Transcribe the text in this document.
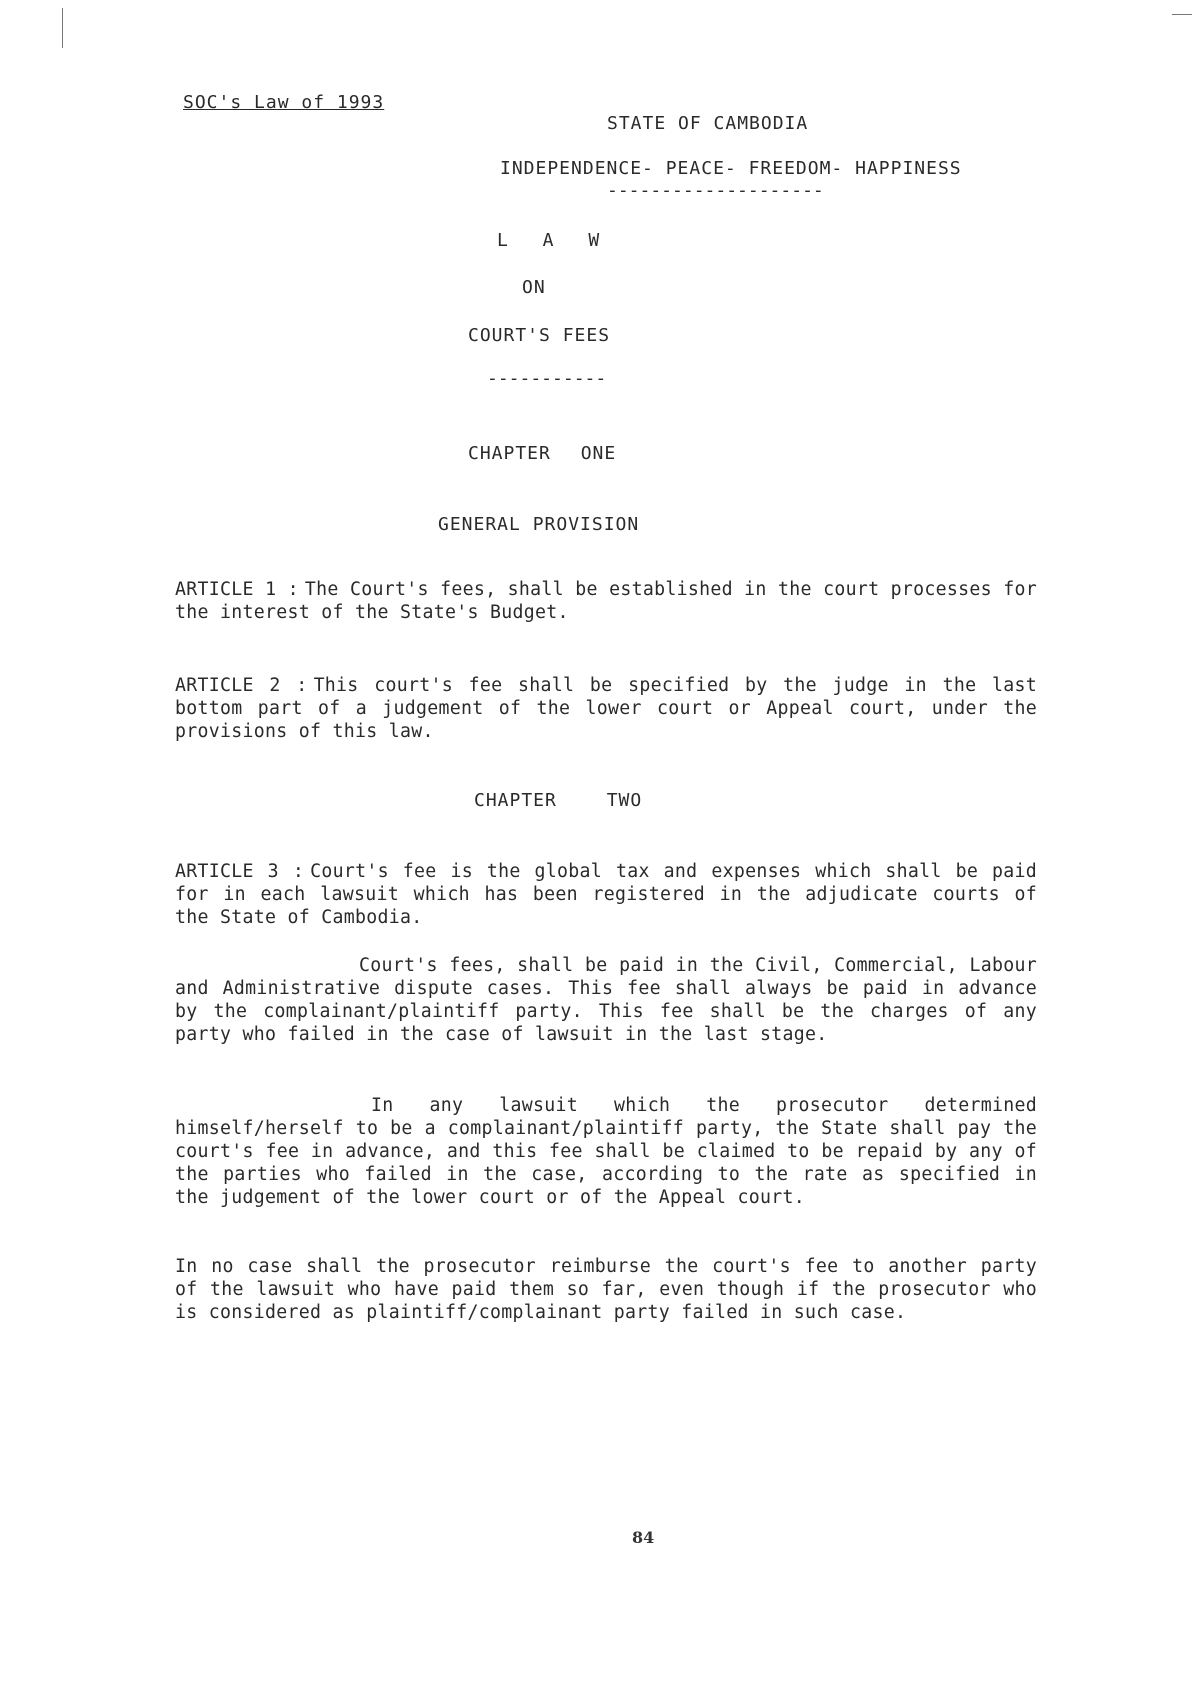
SOC's Law of 1993
STATE OF CAMBODIA
INDEPENDENCE- PEACE- FREEDOM- HAPPINESS
--------------------
L A W
ON
COURT'S FEES
-----------
CHAPTER ONE
GENERAL PROVISION
ARTICLE 1 : The Court's fees, shall be established in the court processes for the interest of the State's Budget.
ARTICLE 2 : This court's fee shall be specified by the judge in the last bottom part of a judgement of the lower court or Appeal court, under the provisions of this law.
CHAPTER TWO
ARTICLE 3 : Court's fee is the global tax and expenses which shall be paid for in each lawsuit which has been registered in the adjudicate courts of the State of Cambodia.
Court's fees, shall be paid in the Civil, Commercial, Labour and Administrative dispute cases. This fee shall always be paid in advance by the complainant/plaintiff party. This fee shall be the charges of any party who failed in the case of lawsuit in the last stage.
In any lawsuit which the prosecutor determined himself/herself to be a complainant/plaintiff party, the State shall pay the court's fee in advance, and this fee shall be claimed to be repaid by any of the parties who failed in the case, according to the rate as specified in the judgement of the lower court or of the Appeal court.
In no case shall the prosecutor reimburse the court's fee to another party of the lawsuit who have paid them so far, even though if the prosecutor who is considered as plaintiff/complainant party failed in such case.
84
